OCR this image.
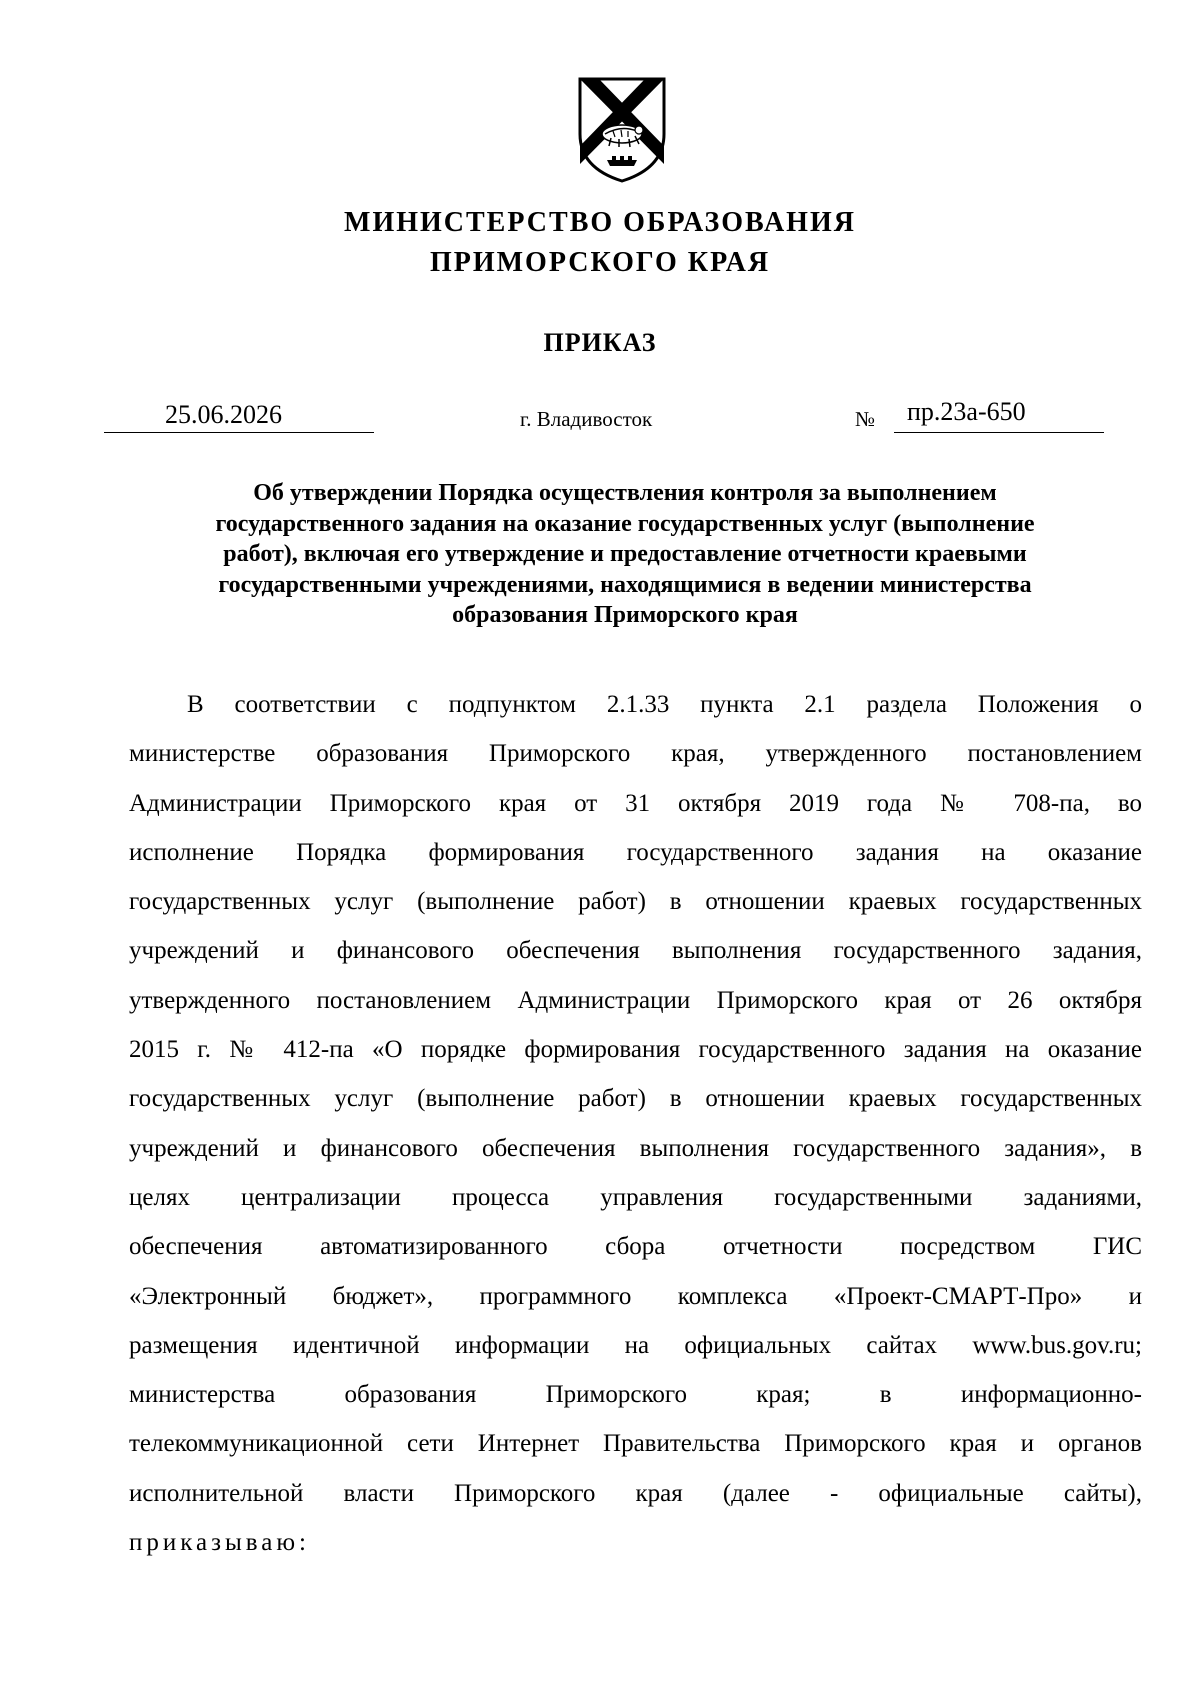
МИНИСТЕРСТВО ОБРАЗОВАНИЯ
ПРИМОРСКОГО КРАЯ
ПРИКАЗ
25.06.2026	г. Владивосток	№ пр.23а-650
Об утверждении Порядка осуществления контроля за выполнением
государственного задания на оказание государственных услуг (выполнение
работ), включая его утверждение и предоставление отчетности краевыми
государственными учреждениями, находящимися в ведении министерства
образования Приморского края
В соответствии с подпунктом 2.1.33 пункта 2.1 раздела Положения о
министерстве образования Приморского края, утвержденного постановлением
Администрации Приморского края от 31 октября 2019 года № 708-па, во
исполнение Порядка формирования государственного задания на оказание
государственных услуг (выполнение работ) в отношении краевых государственных
учреждений и финансового обеспечения выполнения государственного задания,
утвержденного постановлением Администрации Приморского края от 26 октября
2015 г. № 412-па «О порядке формирования государственного задания на оказание
государственных услуг (выполнение работ) в отношении краевых государственных
учреждений и финансового обеспечения выполнения государственного задания», в
целях централизации процесса управления государственными заданиями,
обеспечения автоматизированного сбора отчетности посредством ГИС
«Электронный бюджет», программного комплекса «Проект-СМАРТ-Про» и
размещения идентичной информации на официальных сайтах www.bus.gov.ru;
министерства образования Приморского края; в информационно-
телекоммуникационной сети Интернет Правительства Приморского края и органов
исполнительной власти Приморского края (далее - официальные сайты),
приказываю:
